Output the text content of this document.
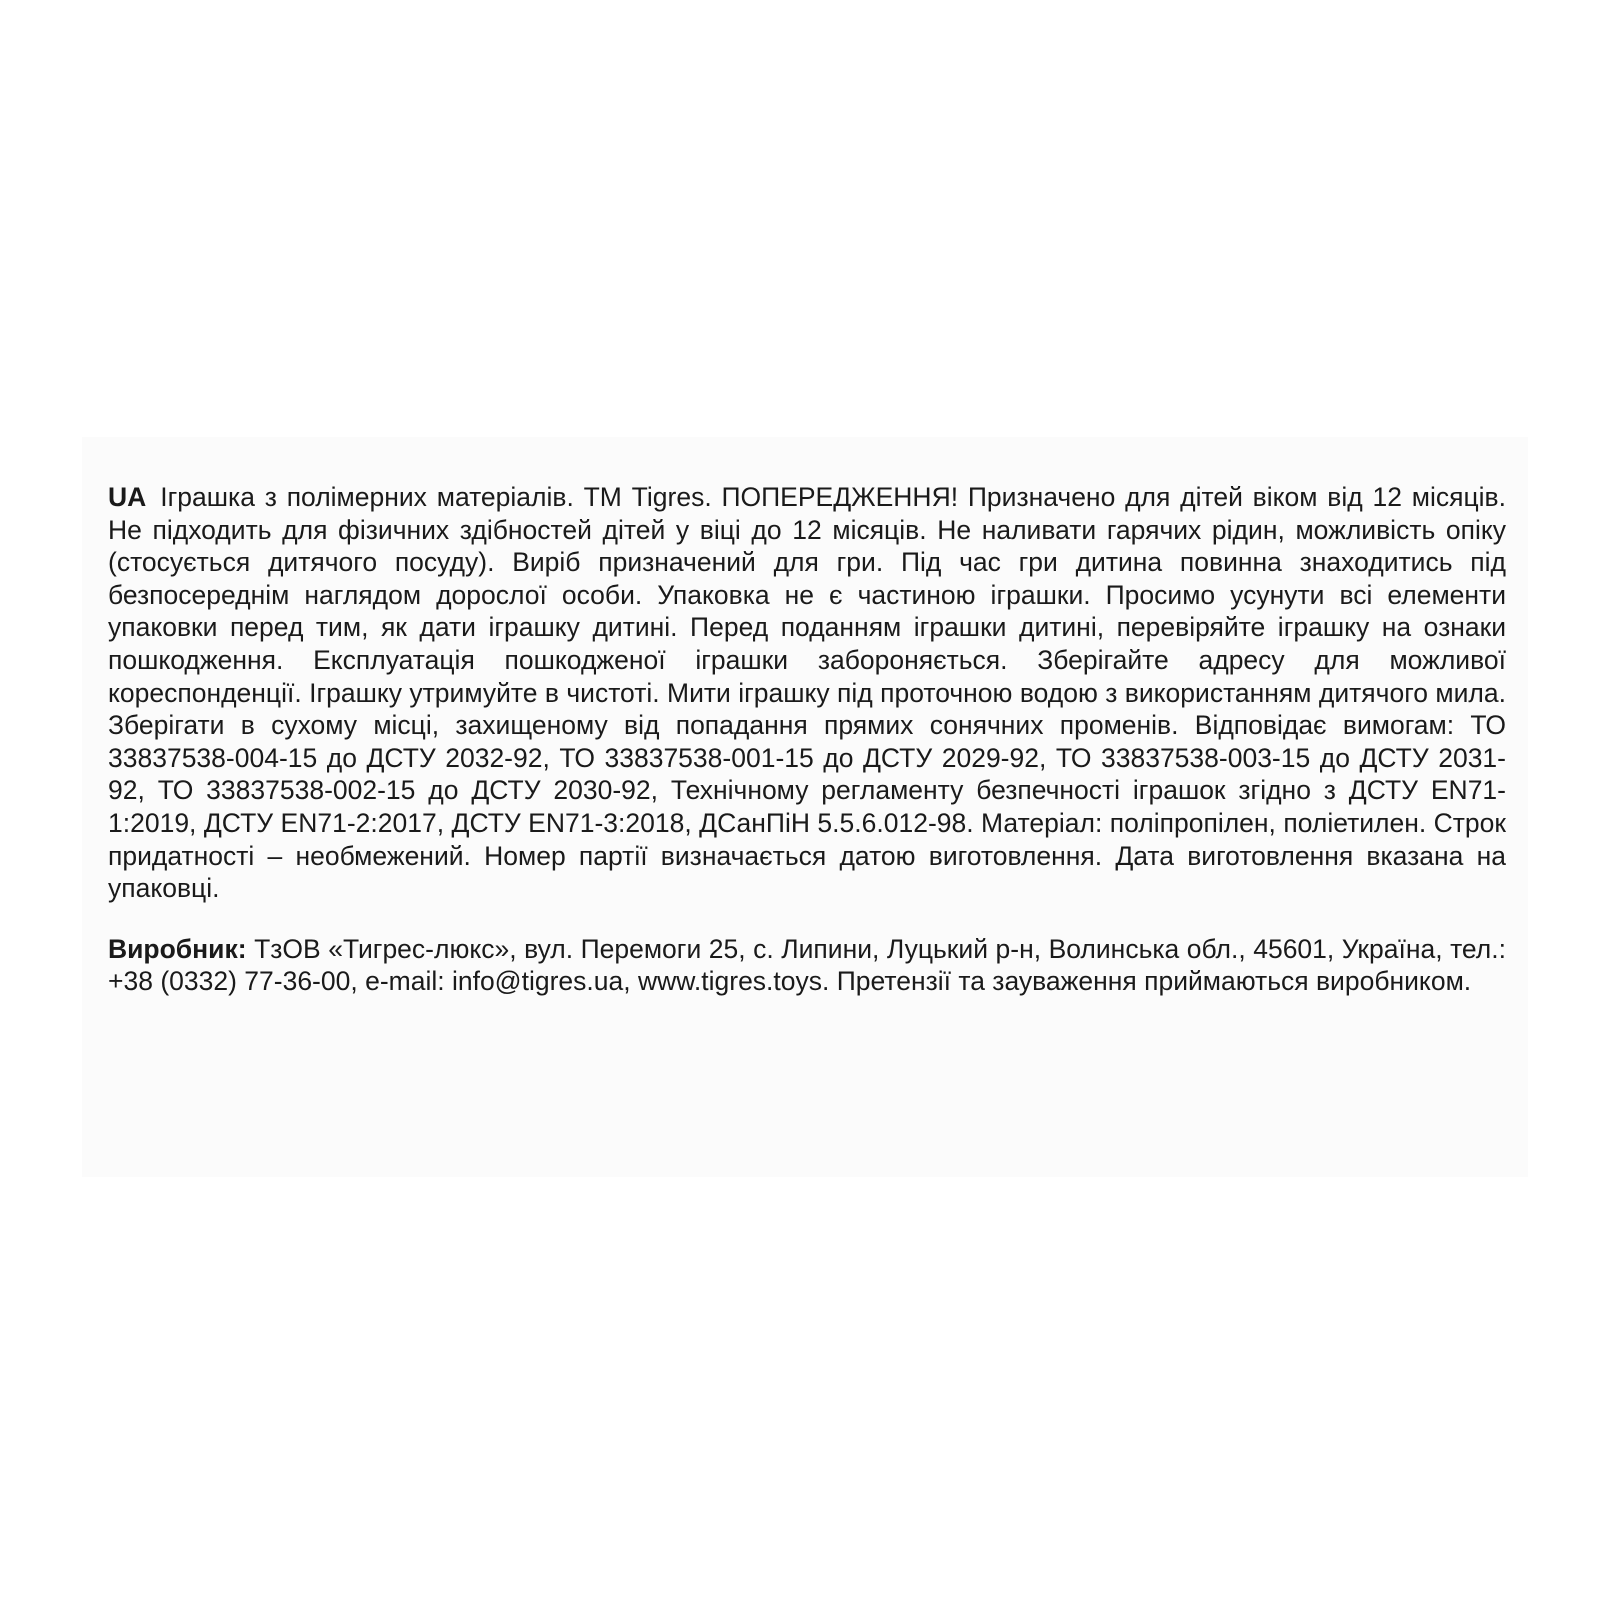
UA Іграшка з полімерних матеріалів. ТМ Tigres. ПОПЕРЕДЖЕННЯ! Призначено для дітей віком від 12 місяців. Не підходить для фізичних здібностей дітей у віці до 12 місяців. Не наливати гарячих рідин, можливість опіку (стосується дитячого посуду). Виріб призначений для гри. Під час гри дитина повинна знаходитись під безпосереднім наглядом дорослої особи. Упаковка не є частиною іграшки. Просимо усунути всі елементи упаковки перед тим, як дати іграшку дитині. Перед поданням іграшки дитині, перевіряйте іграшку на ознаки пошкодження. Експлуатація пошкодженої іграшки забороняється. Зберігайте адресу для можливої кореспонденції. Іграшку утримуйте в чистоті. Мити іграшку під проточною водою з використанням дитячого мила. Зберігати в сухому місці, захищеному від попадання прямих сонячних променів. Відповідає вимогам: ТО 33837538-004-15 до ДСТУ 2032-92, ТО 33837538-001-15 до ДСТУ 2029-92, ТО 33837538-003-15 до ДСТУ 2031-92, ТО 33837538-002-15 до ДСТУ 2030-92, Технічному регламенту безпечності іграшок згідно з ДСТУ EN71-1:2019, ДСТУ EN71-2:2017, ДСТУ EN71-3:2018, ДСанПіН 5.5.6.012-98. Матеріал: поліпропілен, поліетилен. Строк придатності – необмежений. Номер партії визначається датою виготовлення. Дата виготовлення вказана на упаковці.

Виробник: ТзОВ «Тигрес-люкс», вул. Перемоги 25, с. Липини, Луцький р-н, Волинська обл., 45601, Україна, тел.: +38 (0332) 77-36-00, e-mail: info@tigres.ua, www.tigres.toys. Претензії та зауваження приймаються виробником.
